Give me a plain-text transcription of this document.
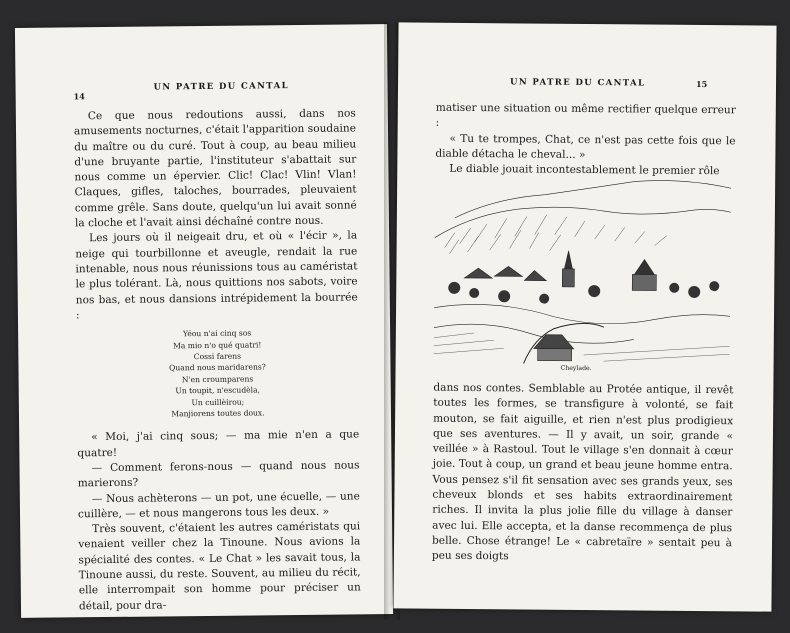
14
UN PATRE DU CANTAL

Ce que nous redoutions aussi, dans nos amusements nocturnes, c'était l'apparition soudaine du maître ou du curé. Tout à coup, au beau milieu d'une bruyante partie, l'instituteur s'abattait sur nous comme un épervier. Clic! Clac! Vlin! Vlan! Claques, gifles, taloches, bourrades, pleuvaient comme grêle. Sans doute, quelqu'un lui avait sonné la cloche et l'avait ainsi déchaîné contre nous.

Les jours où il neigeait dru, et où « l'écir », la neige qui tourbillonne et aveugle, rendait la rue intenable, nous nous réunissions tous au caméristat le plus tolérant. Là, nous quittions nos sabots, voire nos bas, et nous dansions intrépidement la bourrée :

Yéou n'ai cinq sos
Ma mio n'o qué quatri!
Cossi farens
Quand nous maridarens?
N'en croumparens
Un toupit, n'escudèla,
Un cuillèirou;
Manjiorens toutes doux.

« Moi, j'ai cinq sous; — ma mie n'en a que quatre!

— Comment ferons-nous — quand nous nous marierons?

— Nous achèterons — un pot, une écuelle, — une cuillère, — et nous mangerons tous les deux. »

Très souvent, c'étaient les autres caméristats qui venaient veiller chez la Tinoune. Nous avions la spécialité des contes. « Le Chat » les savait tous, la Tinoune aussi, du reste. Souvent, au milieu du récit, elle interrompait son homme pour préciser un détail, pour dra-

UN PATRE DU CANTAL	15

matiser une situation ou même rectifier quelque erreur :

« Tu te trompes, Chat, ce n'est pas cette fois que le diable détacha le cheval... »

Le diable jouait incontestablement le premier rôle

Cheylade.

dans nos contes. Semblable au Protée antique, il revêt toutes les formes, se transfigure à volonté, se fait mouton, se fait aiguille, et rien n'est plus prodigieux que ses aventures. — Il y avait, un soir, grande « veillée » à Rastoul. Tout le village s'en donnait à cœur joie. Tout à coup, un grand et beau jeune homme entra. Vous pensez s'il fit sensation avec ses grands yeux, ses cheveux blonds et ses habits extraordinairement riches. Il invita la plus jolie fille du village à danser avec lui. Elle accepta, et la danse recommença de plus belle. Chose étrange! Le « cabretaïre » sentait peu à peu ses doigts
